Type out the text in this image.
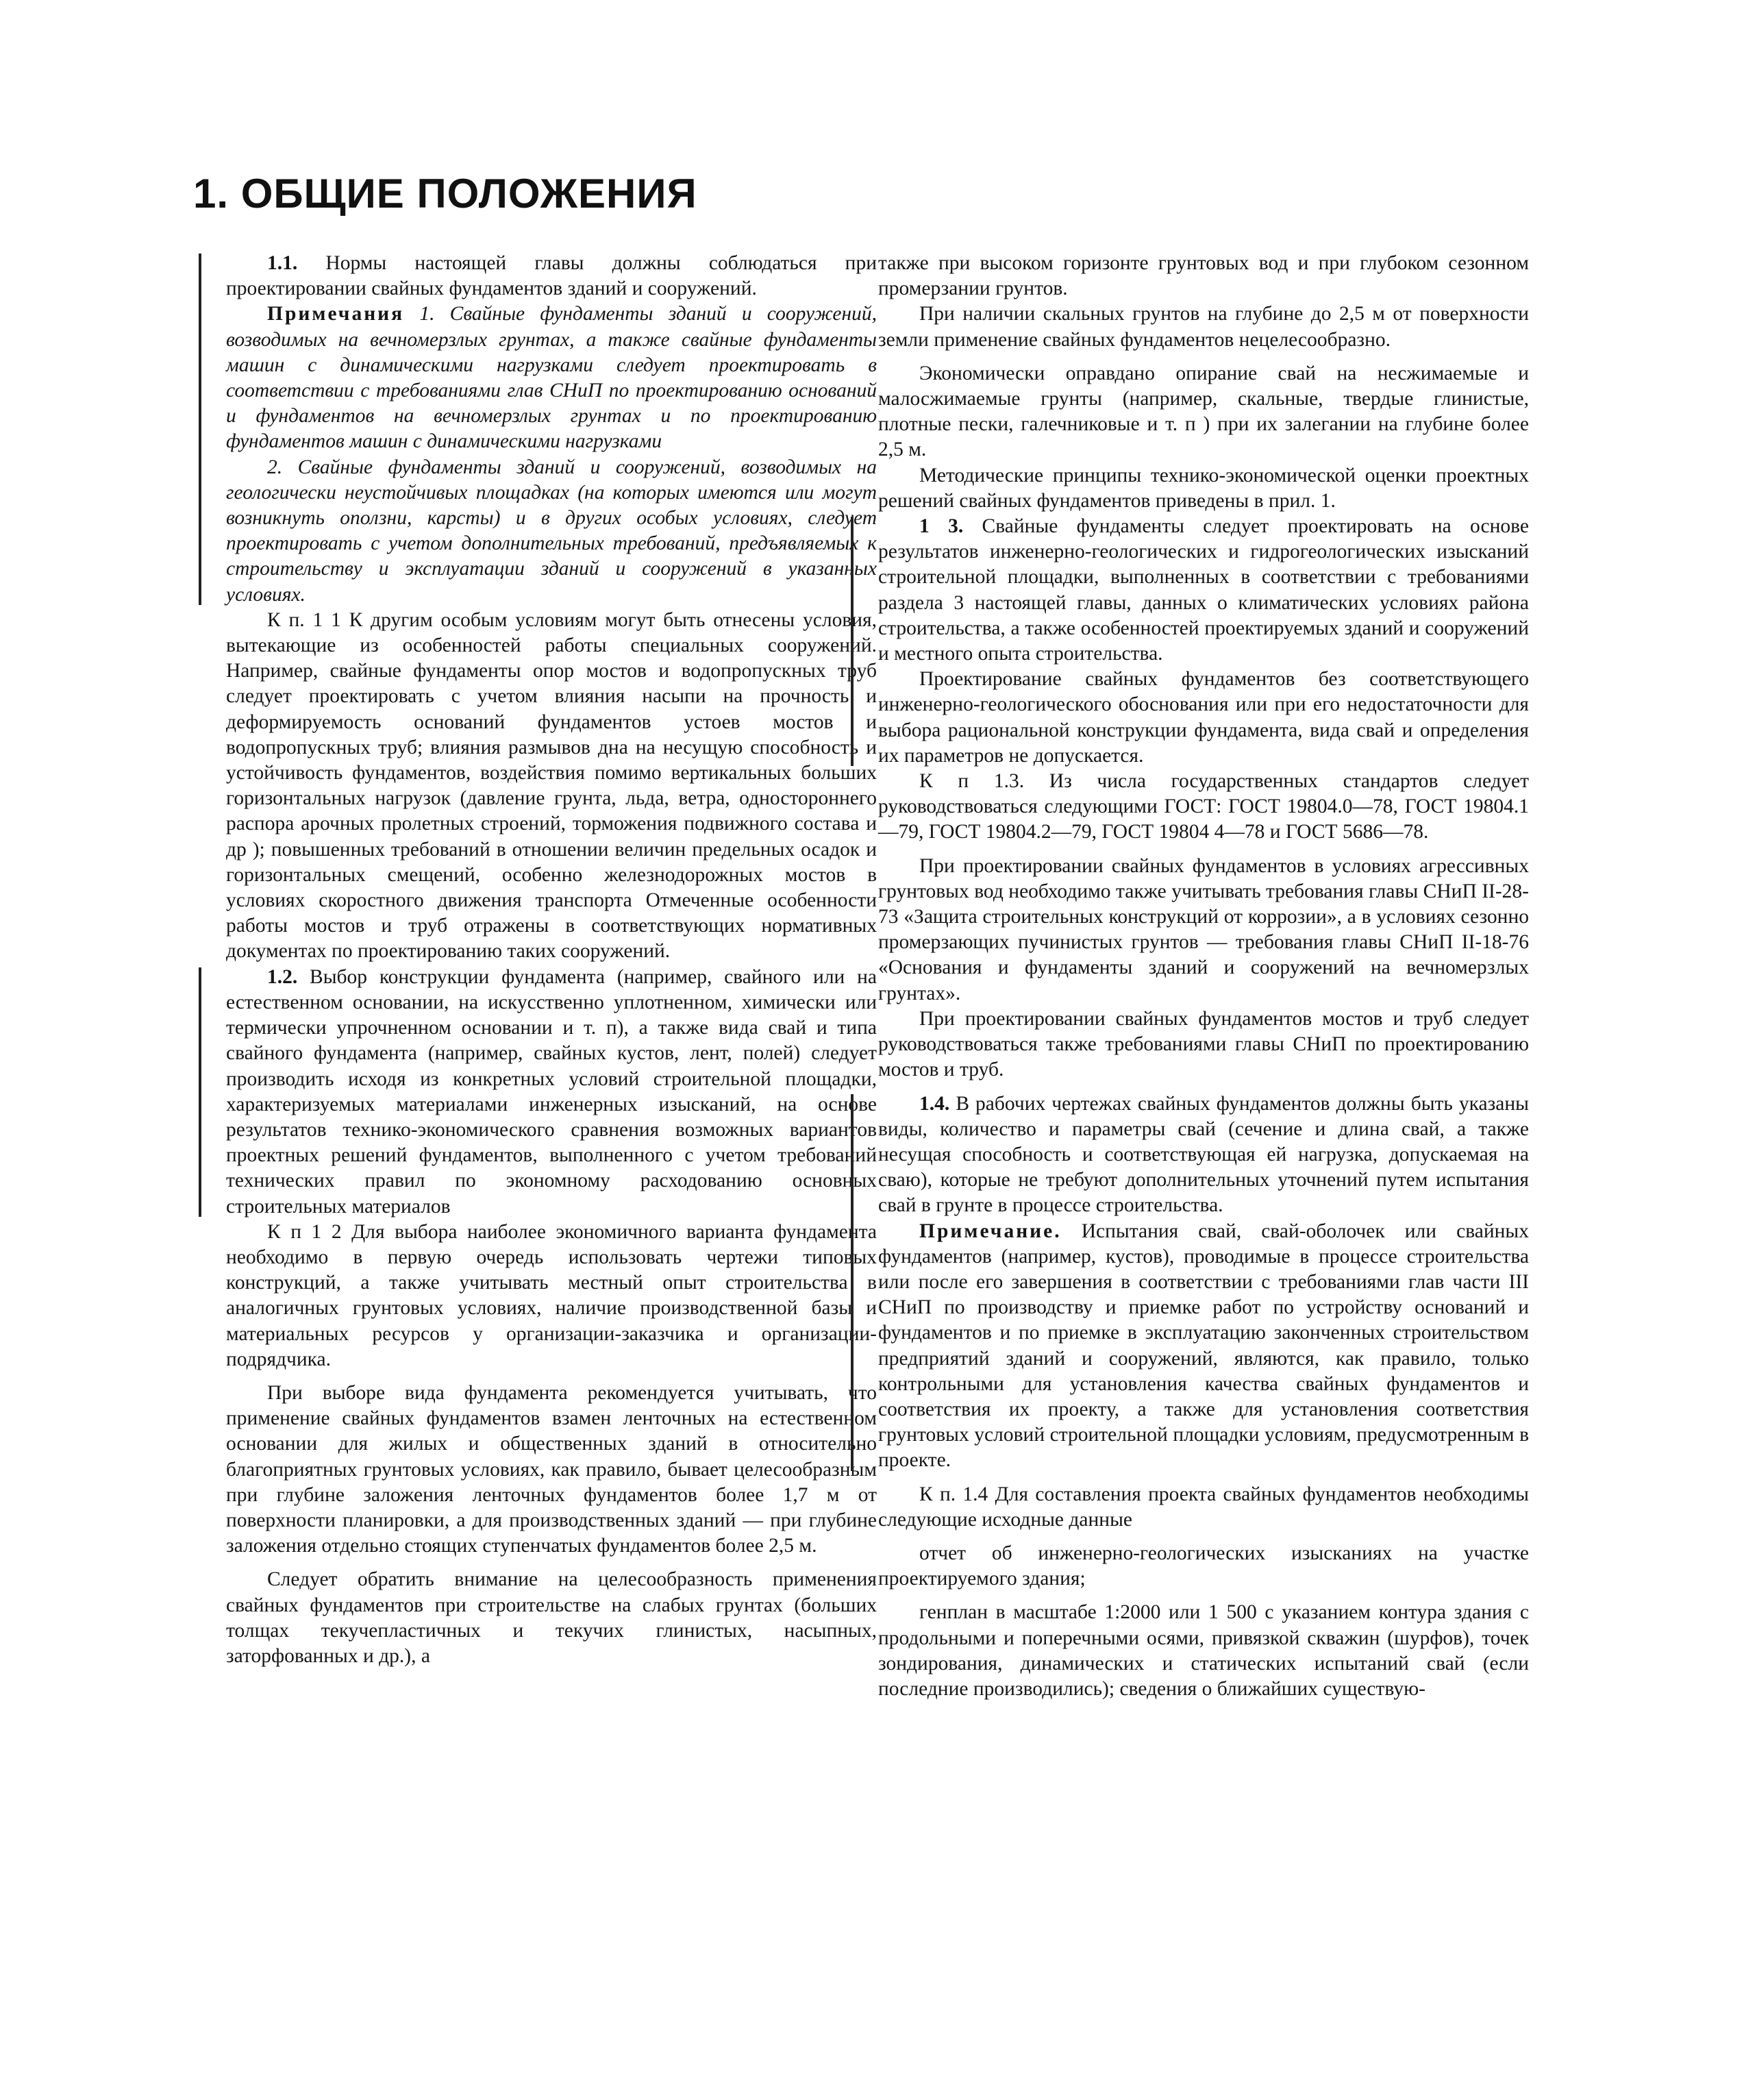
1. ОБЩИЕ ПОЛОЖЕНИЯ

1.1. Нормы настоящей главы должны соблюдаться при проектировании свайных фундаментов зданий и сооружений.

Примечания 1. Свайные фундаменты зданий и сооружений, возводимых на вечномерзлых грунтах, а также свайные фундаменты машин с динамическими нагрузками следует проектировать в соответствии с требованиями глав СНиП по проектированию оснований и фундаментов на вечномерзлых грунтах и по проектированию фундаментов машин с динамическими нагрузками

2. Свайные фундаменты зданий и сооружений, возводимых на геологически неустойчивых площадках (на которых имеются или могут возникнуть оползни, карсты) и в других особых условиях, следует проектировать с учетом дополнительных требований, предъявляемых к строительству и эксплуатации зданий и сооружений в указанных условиях.

К п. 1 1 К другим особым условиям могут быть отнесены условия, вытекающие из особенностей работы специальных сооружений. Например, свайные фундаменты опор мостов и водопропускных труб следует проектировать с учетом влияния насыпи на прочность и деформируемость оснований фундаментов устоев мостов и водопропускных труб; влияния размывов дна на несущую способность и устойчивость фундаментов, воздействия помимо вертикальных больших горизонтальных нагрузок (давление грунта, льда, ветра, одностороннего распора арочных пролетных строений, торможения подвижного состава и др ); повышенных требований в отношении величин предельных осадок и горизонтальных смещений, особенно железнодорожных мостов в условиях скоростного движения транспорта Отмеченные особенности работы мостов и труб отражены в соответствующих нормативных документах по проектированию таких сооружений.

1.2. Выбор конструкции фундамента (например, свайного или на естественном основании, на искусственно уплотненном, химически или термически упрочненном основании и т. п), а также вида свай и типа свайного фундамента (например, свайных кустов, лент, полей) следует производить исходя из конкретных условий строительной площадки, характеризуемых материалами инженерных изысканий, на основе результатов технико-экономического сравнения возможных вариантов проектных решений фундаментов, выполненного с учетом требований технических правил по экономному расходованию основных строительных материалов

К п 1 2 Для выбора наиболее экономичного варианта фундамента необходимо в первую очередь использовать чертежи типовых конструкций, а также учитывать местный опыт строительства в аналогичных грунтовых условиях, наличие производственной базы и материальных ресурсов у организации-заказчика и организации-подрядчика.

При выборе вида фундамента рекомендуется учитывать, что применение свайных фундаментов взамен ленточных на естественном основании для жилых и общественных зданий в относительно благоприятных грунтовых условиях, как правило, бывает целесообразным при глубине заложения ленточных фундаментов более 1,7 м от поверхности планировки, а для производственных зданий — при глубине заложения отдельно стоящих ступенчатых фундаментов более 2,5 м.

Следует обратить внимание на целесообразность применения свайных фундаментов при строительстве на слабых грунтах (больших толщах текучепластичных и текучих глинистых, насыпных, заторфованных и др.), а

также при высоком горизонте грунтовых вод и при глубоком сезонном промерзании грунтов.

При наличии скальных грунтов на глубине до 2,5 м от поверхности земли применение свайных фундаментов нецелесообразно.

Экономически оправдано опирание свай на несжимаемые и малосжимаемые грунты (например, скальные, твердые глинистые, плотные пески, галечниковые и т. п ) при их залегании на глубине более 2,5 м.

Методические принципы технико-экономической оценки проектных решений свайных фундаментов приведены в прил. 1.

1 3. Свайные фундаменты следует проектировать на основе результатов инженерно-геологических и гидрогеологических изысканий строительной площадки, выполненных в соответствии с требованиями раздела 3 настоящей главы, данных о климатических условиях района строительства, а также особенностей проектируемых зданий и сооружений и местного опыта строительства.

Проектирование свайных фундаментов без соответствующего инженерно-геологического обоснования или при его недостаточности для выбора рациональной конструкции фундамента, вида свай и определения их параметров не допускается.

К п 1.3. Из числа государственных стандартов следует руководствоваться следующими ГОСТ: ГОСТ 19804.0—78, ГОСТ 19804.1—79, ГОСТ 19804.2—79, ГОСТ 19804 4—78 и ГОСТ 5686—78.

При проектировании свайных фундаментов в условиях агрессивных грунтовых вод необходимо также учитывать требования главы СНиП II-28-73 «Защита строительных конструкций от коррозии», а в условиях сезонно промерзающих пучинистых грунтов — требования главы СНиП II-18-76 «Основания и фундаменты зданий и сооружений на вечномерзлых грунтах».

При проектировании свайных фундаментов мостов и труб следует руководствоваться также требованиями главы СНиП по проектированию мостов и труб.

1.4. В рабочих чертежах свайных фундаментов должны быть указаны виды, количество и параметры свай (сечение и длина свай, а также несущая способность и соответствующая ей нагрузка, допускаемая на сваю), которые не требуют дополнительных уточнений путем испытания свай в грунте в процессе строительства.

Примечание. Испытания свай, свай-оболочек или свайных фундаментов (например, кустов), проводимые в процессе строительства или после его завершения в соответствии с требованиями глав части III СНиП по производству и приемке работ по устройству оснований и фундаментов и по приемке в эксплуатацию законченных строительством предприятий зданий и сооружений, являются, как правило, только контрольными для установления качества свайных фундаментов и соответствия их проекту, а также для установления соответствия грунтовых условий строительной площадки условиям, предусмотренным в проекте.

К п. 1.4 Для составления проекта свайных фундаментов необходимы следующие исходные данные

отчет об инженерно-геологических изысканиях на участке проектируемого здания;

генплан в масштабе 1:2000 или 1 500 с указанием контура здания с продольными и поперечными осями, привязкой скважин (шурфов), точек зондирования, динамических и статических испытаний свай (если последние производились); сведения о ближайших существую-
